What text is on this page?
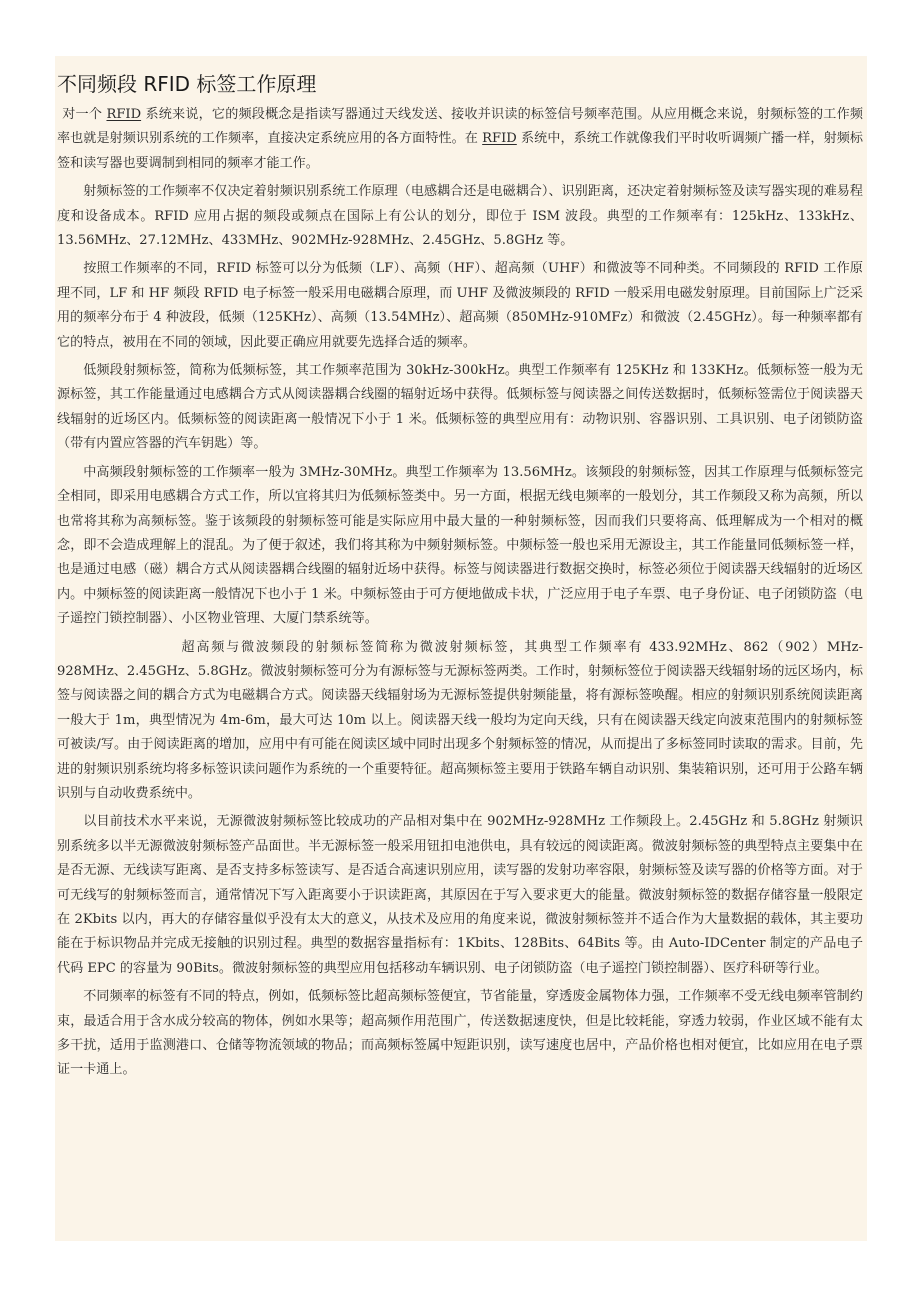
不同频段 RFID 标签工作原理

对一个 RFID 系统来说，它的频段概念是指读写器通过天线发送、接收并识读的标签信号频率范围。从应用概念来说，射频标签的工作频率也就是射频识别系统的工作频率，直接决定系统应用的各方面特性。在 RFID 系统中，系统工作就像我们平时收听调频广播一样，射频标签和读写器也要调制到相同的频率才能工作。

射频标签的工作频率不仅决定着射频识别系统工作原理（电感耦合还是电磁耦合）、识别距离，还决定着射频标签及读写器实现的难易程度和设备成本。RFID 应用占据的频段或频点在国际上有公认的划分，即位于 ISM 波段。典型的工作频率有：125kHz、133kHz、13.56MHz、27.12MHz、433MHz、902MHz-928MHz、2.45GHz、5.8GHz 等。

按照工作频率的不同，RFID 标签可以分为低频（LF）、高频（HF）、超高频（UHF）和微波等不同种类。不同频段的 RFID 工作原理不同，LF 和 HF 频段 RFID 电子标签一般采用电磁耦合原理，而 UHF 及微波频段的 RFID 一般采用电磁发射原理。目前国际上广泛采用的频率分布于 4 种波段，低频（125KHz）、高频（13.54MHz）、超高频（850MHz-910MFz）和微波（2.45GHz）。每一种频率都有它的特点，被用在不同的领域，因此要正确应用就要先选择合适的频率。

低频段射频标签，简称为低频标签，其工作频率范围为 30kHz-300kHz。典型工作频率有 125KHz 和 133KHz。低频标签一般为无源标签，其工作能量通过电感耦合方式从阅读器耦合线圈的辐射近场中获得。低频标签与阅读器之间传送数据时，低频标签需位于阅读器天线辐射的近场区内。低频标签的阅读距离一般情况下小于 1 米。低频标签的典型应用有：动物识别、容器识别、工具识别、电子闭锁防盗（带有内置应答器的汽车钥匙）等。

中高频段射频标签的工作频率一般为 3MHz-30MHz。典型工作频率为 13.56MHz。该频段的射频标签，因其工作原理与低频标签完全相同，即采用电感耦合方式工作，所以宜将其归为低频标签类中。另一方面，根据无线电频率的一般划分，其工作频段又称为高频，所以也常将其称为高频标签。鉴于该频段的射频标签可能是实际应用中最大量的一种射频标签，因而我们只要将高、低理解成为一个相对的概念，即不会造成理解上的混乱。为了便于叙述，我们将其称为中频射频标签。中频标签一般也采用无源设主，其工作能量同低频标签一样，也是通过电感（磁）耦合方式从阅读器耦合线圈的辐射近场中获得。标签与阅读器进行数据交换时，标签必须位于阅读器天线辐射的近场区内。中频标签的阅读距离一般情况下也小于 1 米。中频标签由于可方便地做成卡状，广泛应用于电子车票、电子身份证、电子闭锁防盗（电子遥控门锁控制器）、小区物业管理、大厦门禁系统等。

超高频与微波频段的射频标签简称为微波射频标签，其典型工作频率有 433.92MHz、862（902）MHz-928MHz、2.45GHz、5.8GHz。微波射频标签可分为有源标签与无源标签两类。工作时，射频标签位于阅读器天线辐射场的远区场内，标签与阅读器之间的耦合方式为电磁耦合方式。阅读器天线辐射场为无源标签提供射频能量，将有源标签唤醒。相应的射频识别系统阅读距离一般大于 1m，典型情况为 4m-6m，最大可达 10m 以上。阅读器天线一般均为定向天线，只有在阅读器天线定向波束范围内的射频标签可被读/写。由于阅读距离的增加，应用中有可能在阅读区域中同时出现多个射频标签的情况，从而提出了多标签同时读取的需求。目前，先进的射频识别系统均将多标签识读问题作为系统的一个重要特征。超高频标签主要用于铁路车辆自动识别、集装箱识别，还可用于公路车辆识别与自动收费系统中。

以目前技术水平来说，无源微波射频标签比较成功的产品相对集中在 902MHz-928MHz 工作频段上。2.45GHz 和 5.8GHz 射频识别系统多以半无源微波射频标签产品面世。半无源标签一般采用钮扣电池供电，具有较远的阅读距离。微波射频标签的典型特点主要集中在是否无源、无线读写距离、是否支持多标签读写、是否适合高速识别应用，读写器的发射功率容限，射频标签及读写器的价格等方面。对于可无线写的射频标签而言，通常情况下写入距离要小于识读距离，其原因在于写入要求更大的能量。微波射频标签的数据存储容量一般限定在 2Kbits 以内，再大的存储容量似乎没有太大的意义，从技术及应用的角度来说，微波射频标签并不适合作为大量数据的载体，其主要功能在于标识物品并完成无接触的识别过程。典型的数据容量指标有：1Kbits、128Bits、64Bits 等。由 Auto-IDCenter 制定的产品电子代码 EPC 的容量为 90Bits。微波射频标签的典型应用包括移动车辆识别、电子闭锁防盗（电子遥控门锁控制器）、医疗科研等行业。

不同频率的标签有不同的特点，例如，低频标签比超高频标签便宜，节省能量，穿透废金属物体力强，工作频率不受无线电频率管制约束，最适合用于含水成分较高的物体，例如水果等；超高频作用范围广，传送数据速度快，但是比较耗能，穿透力较弱，作业区域不能有太多干扰，适用于监测港口、仓储等物流领域的物品；而高频标签属中短距识别，读写速度也居中，产品价格也相对便宜，比如应用在电子票证一卡通上。
